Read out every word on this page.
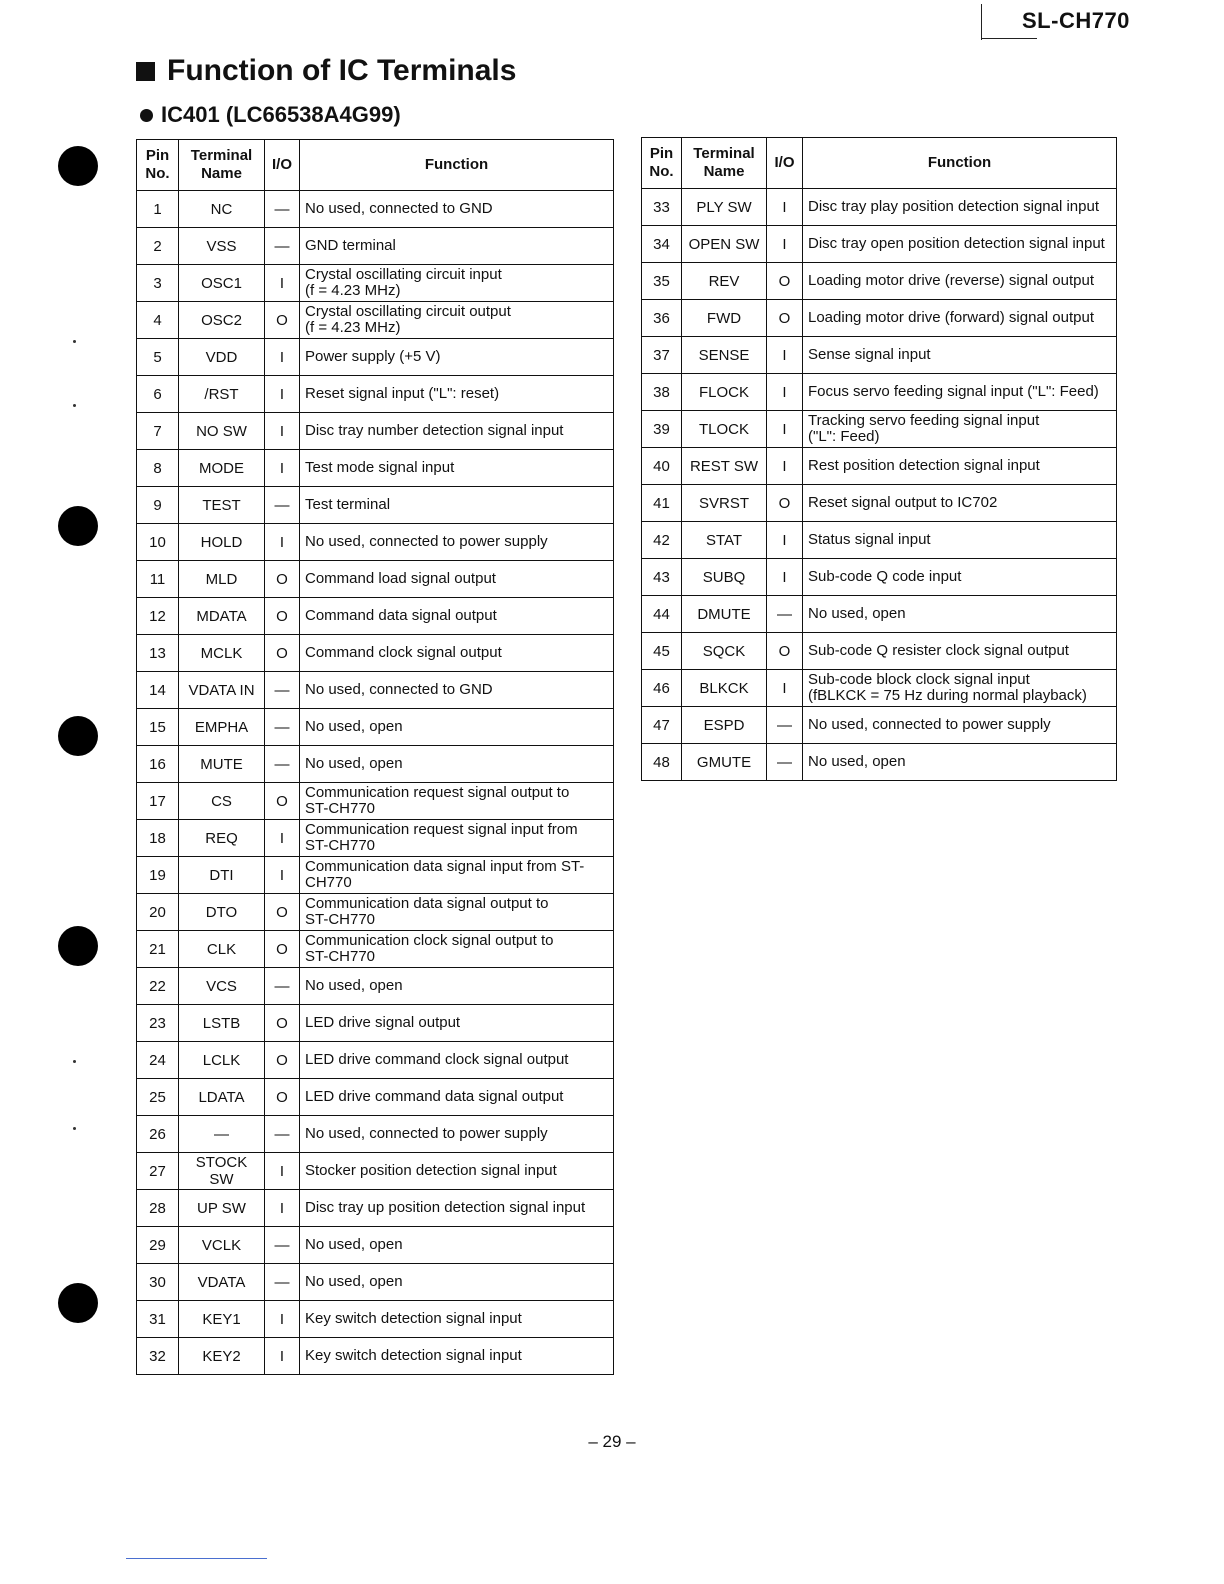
SL-CH770
Function of IC Terminals
IC401 (LC66538A4G99)
Pin No.	Terminal Name	I/O	Function
1	NC	—	No used, connected to GND

2	VSS	—	GND terminal

3	OSC1	I	Crystal oscillating circuit input
(f = 4.23 MHz)

4	OSC2	O	Crystal oscillating circuit output
(f = 4.23 MHz)

5	VDD	I	Power supply (+5 V)

6	/RST	I	Reset signal input ("L": reset)

7	NO SW	I	Disc tray number detection signal input

8	MODE	I	Test mode signal input

9	TEST	—	Test terminal

10	HOLD	I	No used, connected to power supply

11	MLD	O	Command load signal output

12	MDATA	O	Command data signal output

13	MCLK	O	Command clock signal output

14	VDATA IN	—	No used, connected to GND

15	EMPHA	—	No used, open

16	MUTE	—	No used, open

17	CS	O	Communication request signal output to
ST-CH770

18	REQ	I	Communication request signal input from
ST-CH770

19	DTI	I	Communication data signal input from ST-
CH770

20	DTO	O	Communication data signal output to
ST-CH770

21	CLK	O	Communication clock signal output to
ST-CH770

22	VCS	—	No used, open

23	LSTB	O	LED drive signal output

24	LCLK	O	LED drive command clock signal output

25	LDATA	O	LED drive command data signal output

26	—	—	No used, connected to power supply

27	STOCK SW	I	Stocker position detection signal input

28	UP SW	I	Disc tray up position detection signal input

29	VCLK	—	No used, open

30	VDATA	—	No used, open

31	KEY1	I	Key switch detection signal input

32	KEY2	I	Key switch detection signal input
Pin No.	Terminal Name	I/O	Function
33	PLY SW	I	Disc tray play position detection signal input

34	OPEN SW	I	Disc tray open position detection signal input

35	REV	O	Loading motor drive (reverse) signal output

36	FWD	O	Loading motor drive (forward) signal output

37	SENSE	I	Sense signal input

38	FLOCK	I	Focus servo feeding signal input ("L": Feed)

39	TLOCK	I	Tracking servo feeding signal input
("L": Feed)

40	REST SW	I	Rest position detection signal input

41	SVRST	O	Reset signal output to IC702

42	STAT	I	Status signal input

43	SUBQ	I	Sub-code Q code input

44	DMUTE	—	No used, open

45	SQCK	O	Sub-code Q resister clock signal output

46	BLKCK	I	Sub-code block clock signal input
(fBLKCK = 75 Hz during normal playback)

47	ESPD	—	No used, connected to power supply

48	GMUTE	—	No used, open
– 29 –
